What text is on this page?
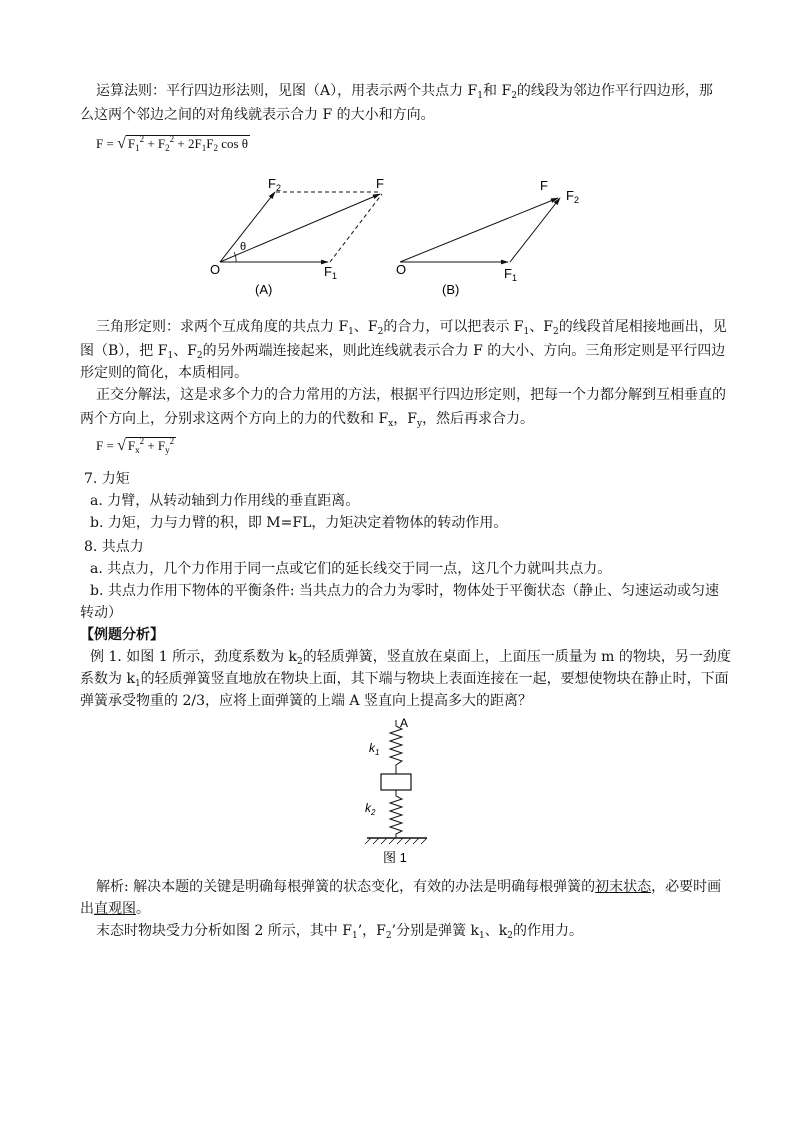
运算法则：平行四边形法则，见图（A），用表示两个共点力 $F_1$和 $F_2$的线段为邻边作平行四边形，那
么这两个邻边之间的对角线就表示合力 F 的大小和方向。
F = √ $F_1^2 + F_2^2 + 2F_1F_2$ cos θ
$F_2$	F
θ
O	$F_1$
(A)
F
$F_2$
O	$F_1$
(B)
三角形定则：求两个互成角度的共点力 $F_1$、$F_2$的合力，可以把表示 $F_1$、$F_2$的线段首尾相接地画出，见
图（B），把 $F_1$、$F_2$的另外两端连接起来，则此连线就表示合力 F 的大小、方向。三角形定则是平行四边
形定则的简化，本质相同。
正交分解法，这是求多个力的合力常用的方法，根据平行四边形定则，把每一个力都分解到互相垂直的
两个方向上，分别求这两个方向上的力的代数和 $F_x$，$F_y$，然后再求合力。
F = √ $F_x^2 + F_y^2$
7. 力矩
a. 力臂，从转动轴到力作用线的垂直距离。
b. 力矩，力与力臂的积，即 M=FL，力矩决定着物体的转动作用。
8. 共点力
a. 共点力，几个力作用于同一点或它们的延长线交于同一点，这几个力就叫共点力。
b. 共点力作用下物体的平衡条件: 当共点力的合力为零时，物体处于平衡状态（静止、匀速运动或匀速
转动）
【例题分析】
例 1. 如图 1 所示，劲度系数为 $k_2$的轻质弹簧，竖直放在桌面上，上面压一质量为 m 的物块，另一劲度
系数为 $k_1$的轻质弹簧竖直地放在物块上面，其下端与物块上表面连接在一起，要想使物块在静止时，下面
弹簧承受物重的 2/3，应将上面弹簧的上端 A 竖直向上提高多大的距离？
A
$k_1$
$k_2$
图 1
解析: 解决本题的关键是明确每根弹簧的状态变化，有效的办法是明确每根弹簧的初末状态，必要时画
出直观图。
末态时物块受力分析如图 2 所示，其中 $F_1$’，$F_2$’分别是弹簧 $k_1$、$k_2$的作用力。
